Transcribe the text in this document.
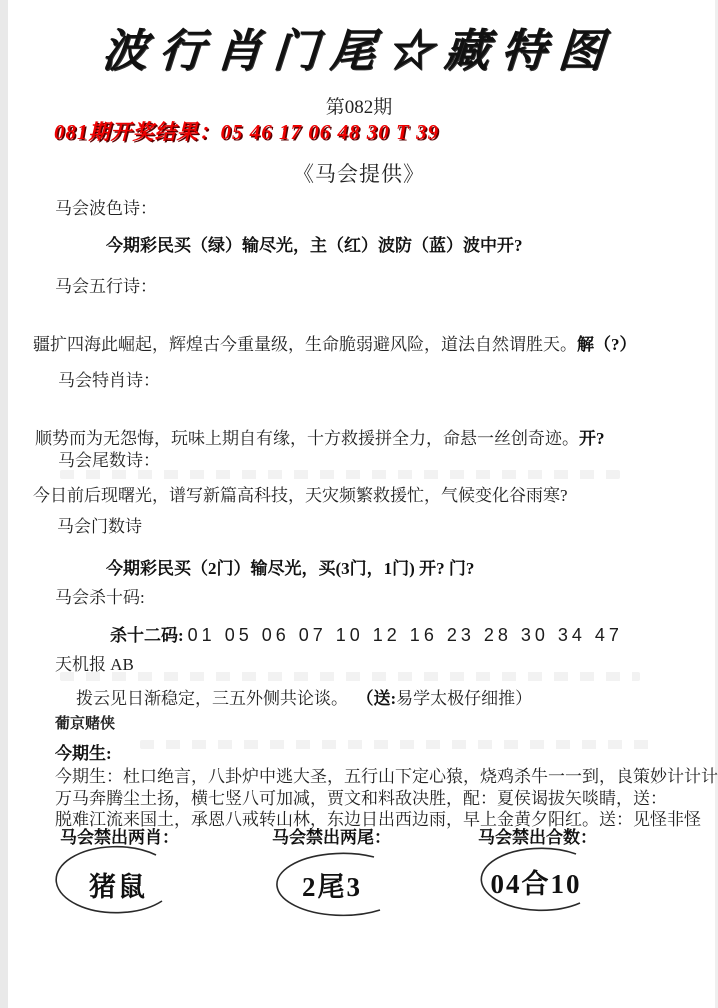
波行肖门尾☆藏特图
第082期
081期开奖结果：05 46 17 06 48 30 T 39
《马会提供》
马会波色诗：
今期彩民买（绿）输尽光，主（红）波防（蓝）波中开?
马会五行诗：
疆扩四海此崛起，辉煌古今重量级，生命脆弱避风险，道法自然谓胜天。解（?）
马会特肖诗：
顺势而为无怨悔，玩味上期自有缘，十方救援拼全力，命悬一丝创奇迹。开?
马会尾数诗：
今日前后现曙光，谱写新篇高科技，天灾频繁救援忙，气候变化谷雨寒?
马会门数诗
今期彩民买（2门）输尽光，买(3门，1门) 开? 门?
马会杀十码:
杀十二码: 01 05 06 07 10 12 16 23 28 30 34 47
天机报 AB
拨云见日渐稳定，三五外侧共论谈。 （送:易学太极仔细推）
葡京赌侠
今期生:
今期生：杜口绝言，八卦炉中逃大圣，五行山下定心猿，烧鸡杀牛一一到，良策妙计计计
万马奔腾尘土扬，横七竖八可加减，贾文和料敌决胜，配：夏侯谒拔矢啖睛，送：
脱难江流来国土，承恩八戒转山林，东边日出西边雨，早上金黄夕阳红。送：见怪非怪
马会禁出两肖：	马会禁出两尾：	马会禁出合数：
猪鼠	2尾3	04合10
